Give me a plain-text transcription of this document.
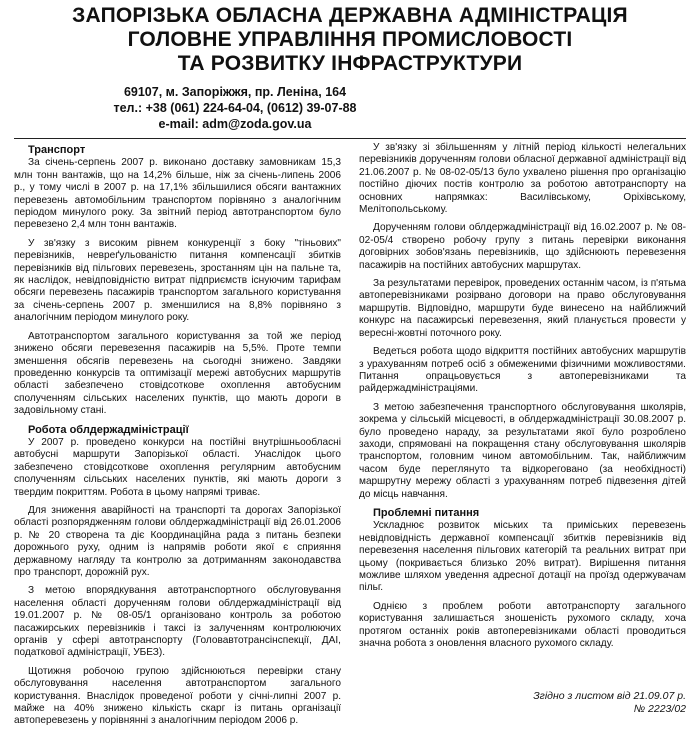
ЗАПОРІЗЬКА ОБЛАСНА ДЕРЖАВНА АДМІНІСТРАЦІЯ
ГОЛОВНЕ УПРАВЛІННЯ ПРОМИСЛОВОСТІ
ТА РОЗВИТКУ ІНФРАСТРУКТУРИ
69107, м. Запоріжжя, пр. Леніна, 164
тел.: +38 (061) 224-64-04, (0612) 39-07-88
e-mail: adm@zoda.gov.ua
Транспорт

За січень-серпень 2007 р. виконано доставку замовникам 15,3 млн тонн вантажів, що на 14,2% більше, ніж за січень-липень 2006 р., у тому числі в 2007 р. на 17,1% збільшилися обсяги вантажних перевезень автомобільним транспортом порівняно з аналогічним періодом минулого року. За звітний період автотранспортом було перевезено 2,4 млн тонн вантажів.

У зв'язку з високим рівнем конкуренції з боку "тіньових" перевізників, невреґульованістю питання компенсації збитків перевізників від пільгових перевезень, зростанням цін на пальне та, як наслідок, невідповідністю витрат підприємств існуючим тарифам обсяги перевезень пасажирів транспортом загального користування за січень-серпень 2007 р. зменшилися на 8,8% порівняно з аналогічним періодом минулого року.

Автотранспортом загального користування за той же період знижено обсяги перевезення пасажирів на 5,5%. Проте темпи зменшення обсягів перевезень на сьогодні знижено. Завдяки проведенню конкурсів та оптимізації мережі автобусних маршрутів області забезпечено стовідсоткове охоплення автобусним сполученням сільських населених пунктів, що мають дороги в задовільному стані.

Робота облдержадміністрації

У 2007 р. проведено конкурси на постійні внутрішньообласні автобусні маршрути Запорізької області. Унаслідок цього забезпечено стовідсоткове охоплення регулярним автобусним сполученням сільських населених пунктів, які мають дороги з твердим покриттям. Робота в цьому напрямі триває.

Для зниження аварійності на транспорті та дорогах Запорізької області розпорядженням голови облдержадміністрації від 26.01.2006 р. № 20 створена та діє Координаційна рада з питань безпеки дорожнього руху, одним із напрямів роботи якої є сприяння державному нагляду та контролю за дотриманням законодавства про транспорт, дорожній рух.

З метою впорядкування автотранспортного обслуговування населення області дорученням голови облдержадміністрації від 19.01.2007 р. № 08-05/1 організовано контроль за роботою пасажирських перевізників і таксі із залученням контролюючих органів у сфері автотранспорту (Головавтотрансінспекції, ДАІ, податкової адміністрації, УБЕЗ).

Щотижня робочою групою здійснюються перевірки стану обслуговування населення автотранспортом загального користування. Внаслідок проведеної роботи у січні-липні 2007 р. майже на 40% знижено кількість скарг із питань організації автоперевезень у порівнянні з аналогічним періодом 2006 р.

У зв'язку зі збільшенням у літній період кількості нелегальних перевізників дорученням голови обласної державної адміністрації від 21.06.2007 р. № 08-02-05/13 було ухвалено рішення про організацію постійно діючих постів контролю за роботою автотранспорту на основних напрямках: Василівському, Оріхівському, Мелітопольському.

Дорученням голови облдержадміністрації від 16.02.2007 р. № 08-02-05/4 створено робочу групу з питань перевірки виконання договірних зобов'язань перевізників, що здійснюють перевезення пасажирів на постійних автобусних маршрутах.

За результатами перевірок, проведених останнім часом, із п'ятьма автоперевізниками розірвано договори на право обслуговування маршрутів. Відповідно, маршрути буде винесено на найближчий конкурс на пасажирські перевезення, який планується провести у вересні-жовтні поточного року.

Ведеться робота щодо відкриття постійних автобусних маршрутів з урахуванням потреб осіб з обмеженими фізичними можливостями. Питання опрацьовується з автоперевізниками та райдержадміністраціями.

З метою забезпечення транспортного обслуговування школярів, зокрема у сільській місцевості, в облдержадміністрації 30.08.2007 р. було проведено нараду, за результатами якої було розроблено заходи, спрямовані на покращення стану обслуговування школярів транспортом, головним чином автомобільним. Так, найближчим часом буде переглянуто та відкореговано (за необхідності) маршрутну мережу області з урахуванням потреб підвезення дітей до місць навчання.

Проблемні питання

Ускладнює розвиток міських та приміських перевезень невідповідність державної компенсації збитків перевізників від перевезення населення пільгових категорій та реальних витрат при цьому (покривається близько 20% витрат). Вирішення питання можливе шляхом уведення адресної дотації на проїзд одержувачам пільг.

Однією з проблем роботи автотранспорту загального користування залишається зношеність рухомого складу, хоча протягом останніх років автоперевізниками області проводиться значна робота з оновлення власного рухомого складу.

Згідно з листом від 21.09.07 р.
№ 2223/02
